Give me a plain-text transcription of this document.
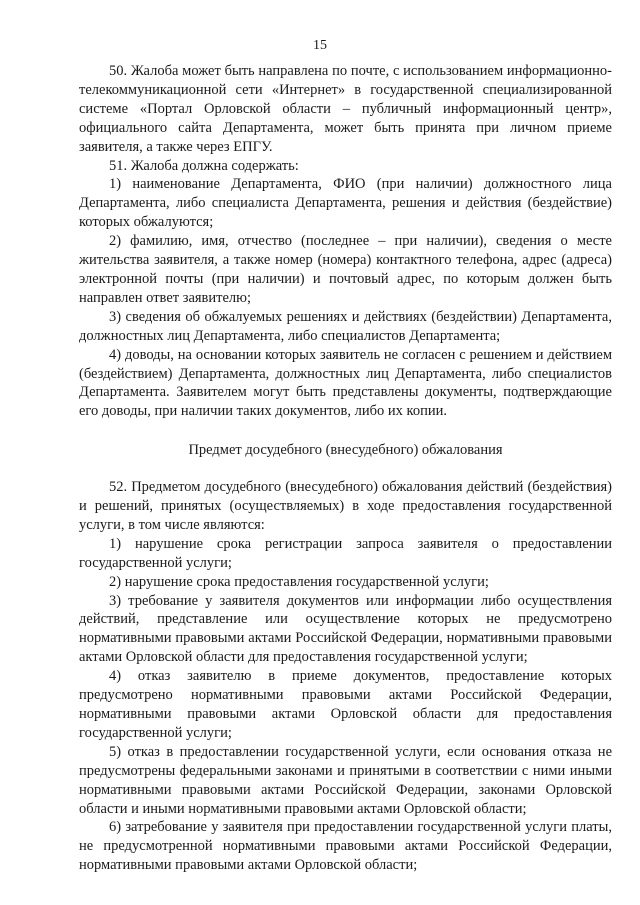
15

50. Жалоба может быть направлена по почте, с использованием информационно-телекоммуникационной сети «Интернет» в государственной специализированной системе «Портал Орловской области – публичный информационный центр», официального сайта Департамента, может быть принята при личном приеме заявителя, а также через ЕПГУ.

51. Жалоба должна содержать:

1) наименование Департамента, ФИО (при наличии) должностного лица Департамента, либо специалиста Департамента, решения и действия (бездействие) которых обжалуются;

2) фамилию, имя, отчество (последнее – при наличии), сведения о месте жительства заявителя, а также номер (номера) контактного телефона, адрес (адреса) электронной почты (при наличии) и почтовый адрес, по которым должен быть направлен ответ заявителю;

3) сведения об обжалуемых решениях и действиях (бездействии) Департамента, должностных лиц Департамента, либо специалистов Департамента;

4) доводы, на основании которых заявитель не согласен с решением и действием (бездействием) Департамента, должностных лиц Департамента, либо специалистов Департамента. Заявителем могут быть представлены документы, подтверждающие его доводы, при наличии таких документов, либо их копии.

Предмет досудебного (внесудебного) обжалования

52. Предметом досудебного (внесудебного) обжалования действий (бездействия) и решений, принятых (осуществляемых) в ходе предоставления государственной услуги, в том числе являются:

1) нарушение срока регистрации запроса заявителя о предоставлении государственной услуги;

2) нарушение срока предоставления государственной услуги;

3) требование у заявителя документов или информации либо осуществления действий, представление или осуществление которых не предусмотрено нормативными правовыми актами Российской Федерации, нормативными правовыми актами Орловской области для предоставления государственной услуги;

4) отказ заявителю в приеме документов, предоставление которых предусмотрено нормативными правовыми актами Российской Федерации, нормативными правовыми актами Орловской области для предоставления государственной услуги;

5) отказ в предоставлении государственной услуги, если основания отказа не предусмотрены федеральными законами и принятыми в соответствии с ними иными нормативными правовыми актами Российской Федерации, законами Орловской области и иными нормативными правовыми актами Орловской области;

6) затребование у заявителя при предоставлении государственной услуги платы, не предусмотренной нормативными правовыми актами Российской Федерации, нормативными правовыми актами Орловской области;
